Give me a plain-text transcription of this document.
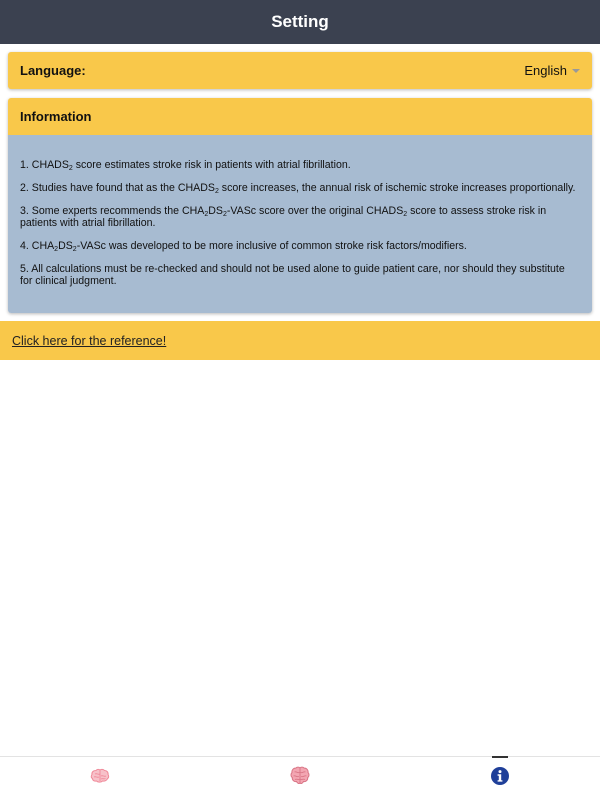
Setting
Language:	English
Information

1. $CHADS_2$ score estimates stroke risk in patients with atrial fibrillation.

2. Studies have found that as the $CHADS_2$ score increases, the annual risk of ischemic stroke increases proportionally.

3. Some experts recommends the $CHA_2DS_2$-VASc score over the original $CHADS_2$ score to assess stroke risk in patients with atrial fibrillation.

4. $CHA_2DS_2$-VASc was developed to be more inclusive of common stroke risk factors/modifiers.

5. All calculations must be re-checked and should not be used alone to guide patient care, nor should they substitute for clinical judgment.

Click here for the reference!
